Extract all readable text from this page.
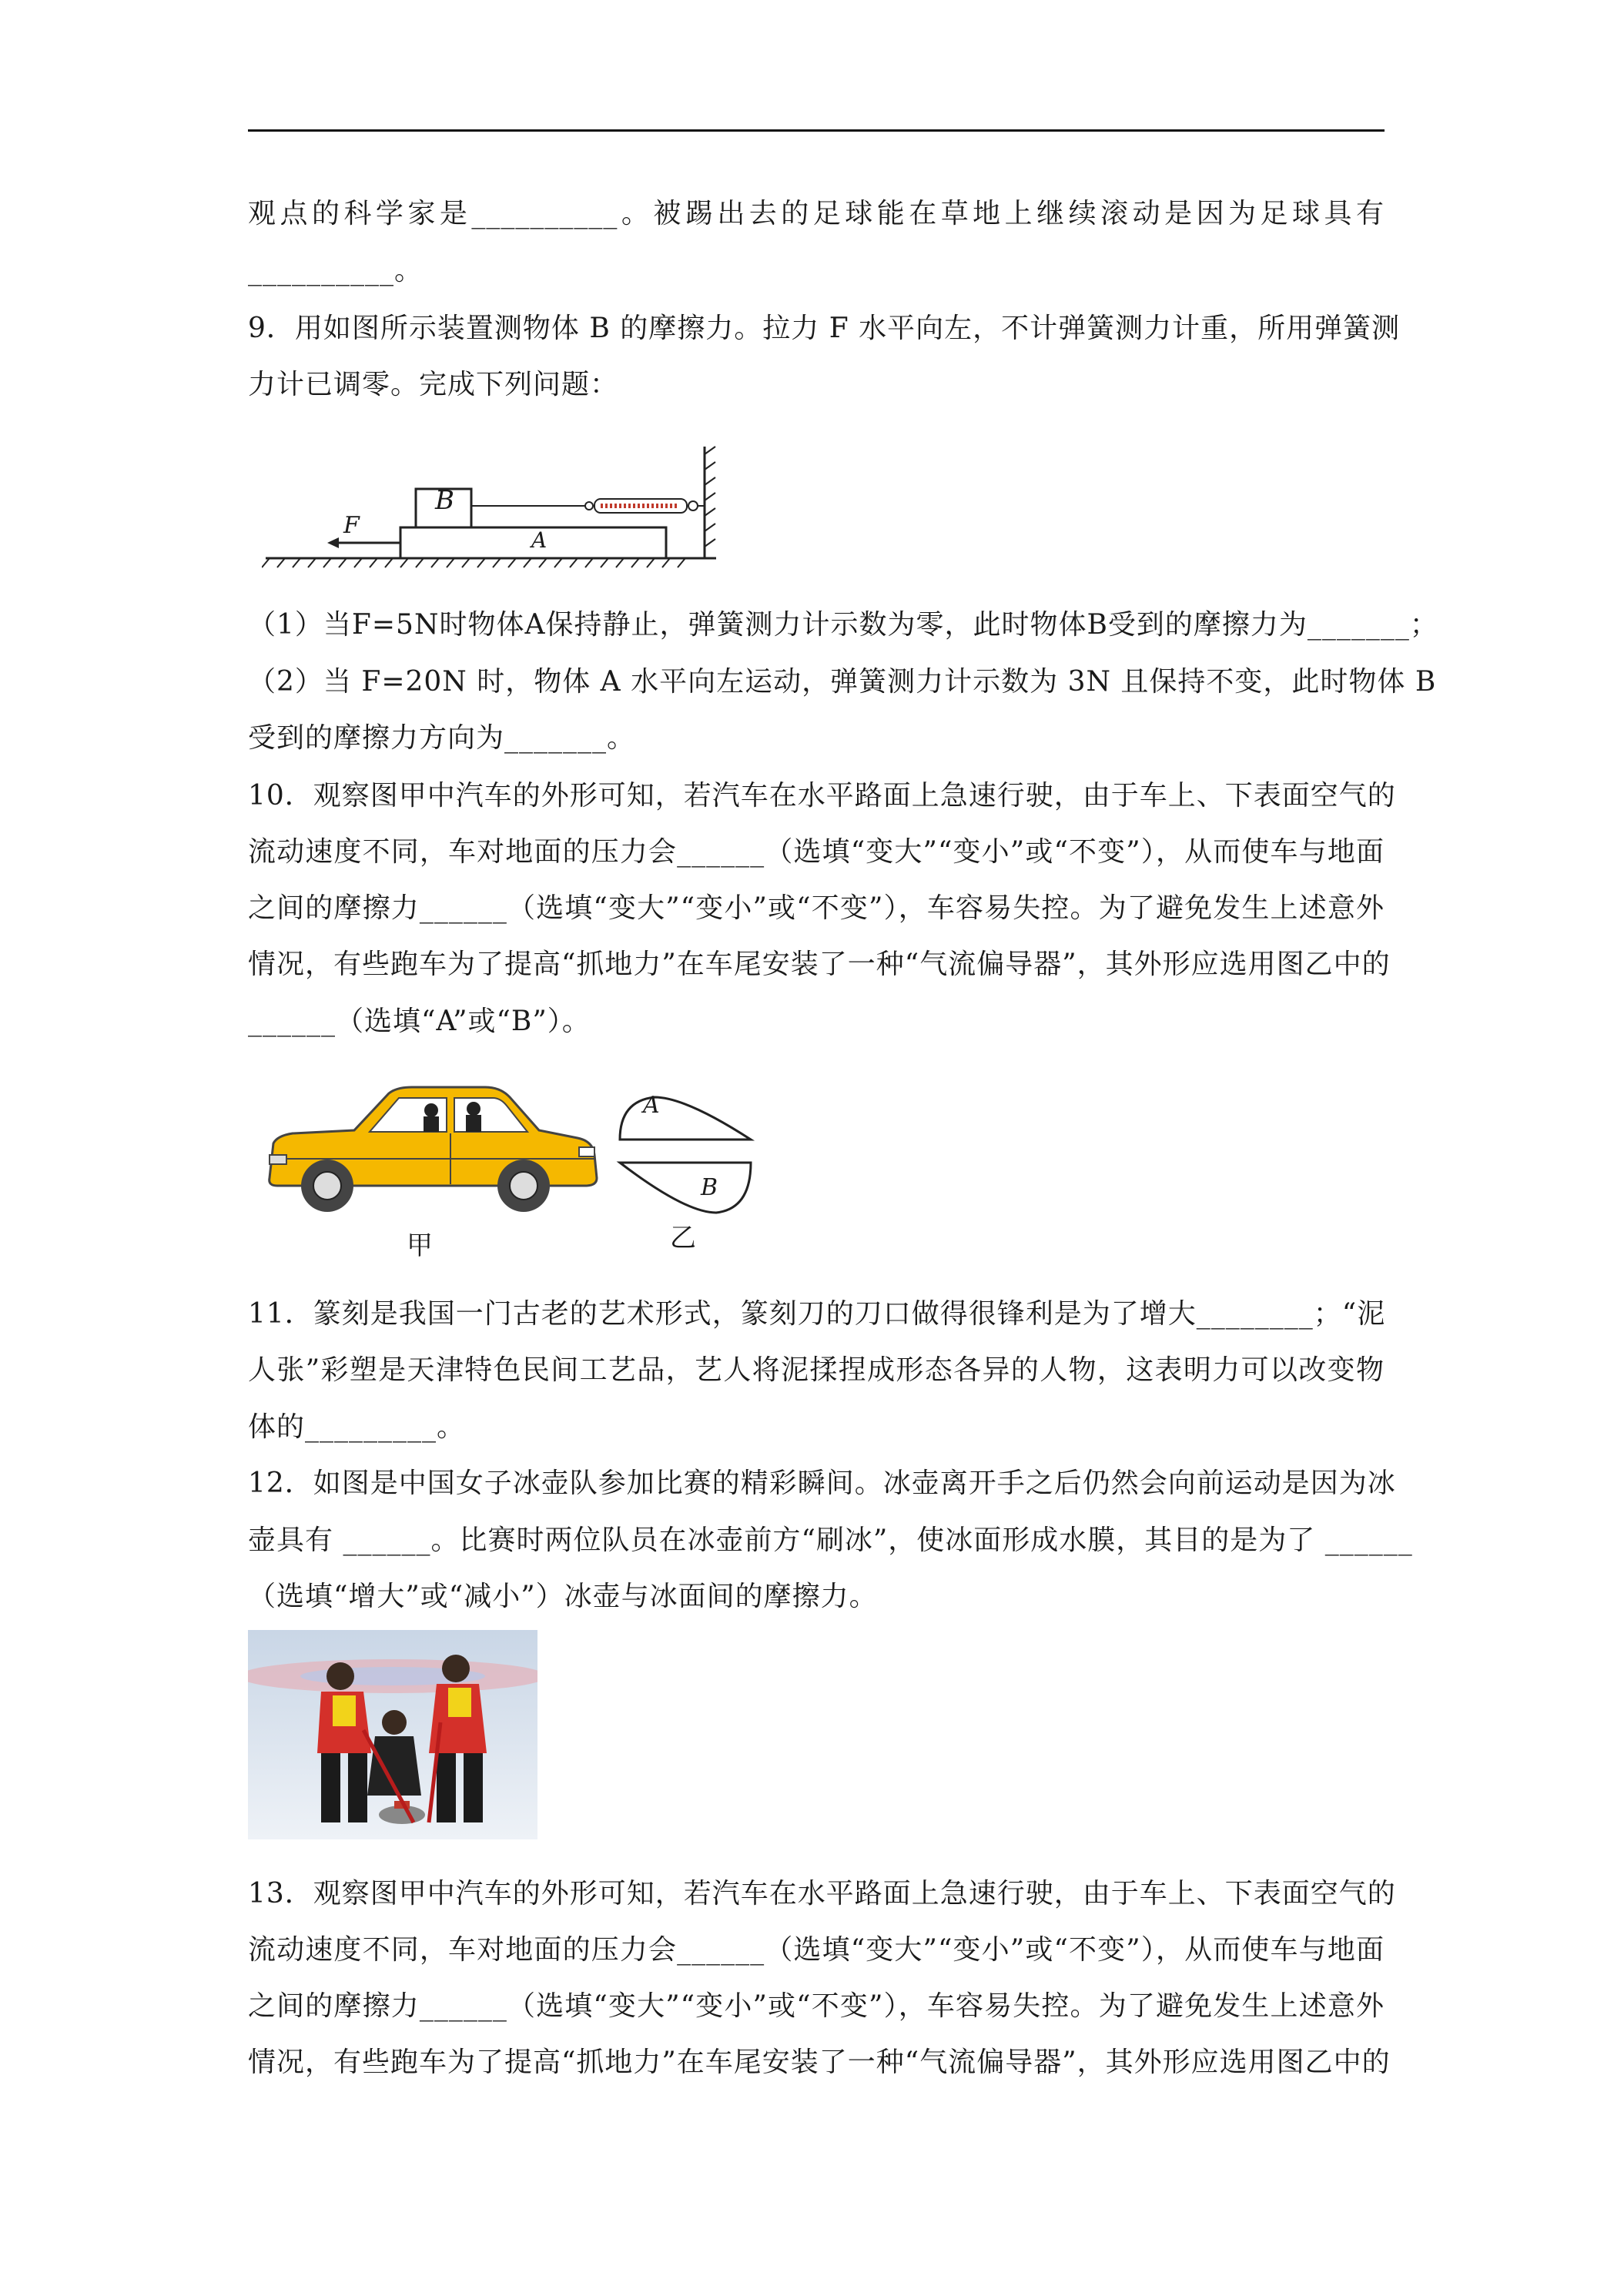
观点的科学家是__________。被踢出去的足球能在草地上继续滚动是因为足球具有
__________。
9．用如图所示装置测物体 B 的摩擦力。拉力 F 水平向左，不计弹簧测力计重，所用弹簧测
力计已调零。完成下列问题：
B
A
F
（1）当F=5N时物体A保持静止，弹簧测力计示数为零，此时物体B受到的摩擦力为_______；
（2）当 F=20N 时，物体 A 水平向左运动，弹簧测力计示数为 3N 且保持不变，此时物体 B
受到的摩擦力方向为_______。
10．观察图甲中汽车的外形可知，若汽车在水平路面上急速行驶，由于车上、下表面空气的
流动速度不同，车对地面的压力会______（选填“变大”“变小”或“不变”），从而使车与地面
之间的摩擦力______（选填“变大”“变小”或“不变”），车容易失控。为了避免发生上述意外
情况，有些跑车为了提高“抓地力”在车尾安装了一种“气流偏导器”，其外形应选用图乙中的
______（选填“A”或“B”）。
A
B
甲	乙
11．篆刻是我国一门古老的艺术形式，篆刻刀的刀口做得很锋利是为了增大________；“泥
人张”彩塑是天津特色民间工艺品，艺人将泥揉捏成形态各异的人物，这表明力可以改变物
体的_________。
12．如图是中国女子冰壶队参加比赛的精彩瞬间。冰壶离开手之后仍然会向前运动是因为冰
壶具有 ______。比赛时两位队员在冰壶前方“刷冰”，使冰面形成水膜，其目的是为了 ______
（选填“增大”或“减小”）冰壶与冰面间的摩擦力。
13．观察图甲中汽车的外形可知，若汽车在水平路面上急速行驶，由于车上、下表面空气的
流动速度不同，车对地面的压力会______（选填“变大”“变小”或“不变”），从而使车与地面
之间的摩擦力______（选填“变大”“变小”或“不变”），车容易失控。为了避免发生上述意外
情况，有些跑车为了提高“抓地力”在车尾安装了一种“气流偏导器”，其外形应选用图乙中的
